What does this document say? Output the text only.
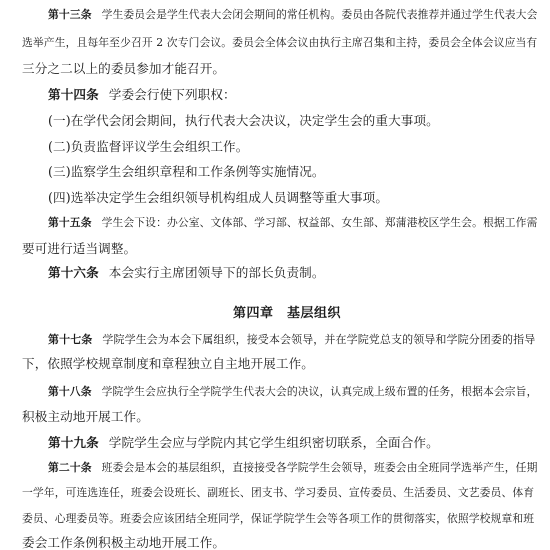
第十三条 学生委员会是学生代表大会闭会期间的常任机构。委员由各院代表推荐并通过学生代表大会
选举产生，且每年至少召开 2 次专门会议。委员会全体会议由执行主席召集和主持，委员会全体会议应当有
三分之二以上的委员参加才能召开。
第十四条 学委会行使下列职权：
(一)在学代会闭会期间，执行代表大会决议，决定学生会的重大事项。
(二)负责监督评议学生会组织工作。
(三)监察学生会组织章程和工作条例等实施情况。
(四)选举决定学生会组织领导机构组成人员调整等重大事项。
第十五条 学生会下设：办公室、文体部、学习部、权益部、女生部、郑蒲港校区学生会。根据工作需
要可进行适当调整。
第十六条 本会实行主席团领导下的部长负责制。
第四章　基层组织
第十七条 学院学生会为本会下属组织，接受本会领导，并在学院党总支的领导和学院分团委的指导
下，依照学校规章制度和章程独立自主地开展工作。
第十八条 学院学生会应执行全学院学生代表大会的决议，认真完成上级布置的任务，根据本会宗旨，
积极主动地开展工作。
第十九条 学院学生会应与学院内其它学生组织密切联系，全面合作。
第二十条 班委会是本会的基层组织，直接接受各学院学生会领导，班委会由全班同学选举产生，任期
一学年，可连选连任，班委会设班长、副班长、团支书、学习委员、宣传委员、生活委员、文艺委员、体育
委员、心理委员等。班委会应该团结全班同学，保证学院学生会等各项工作的贯彻落实，依照学校规章和班
委会工作条例积极主动地开展工作。
